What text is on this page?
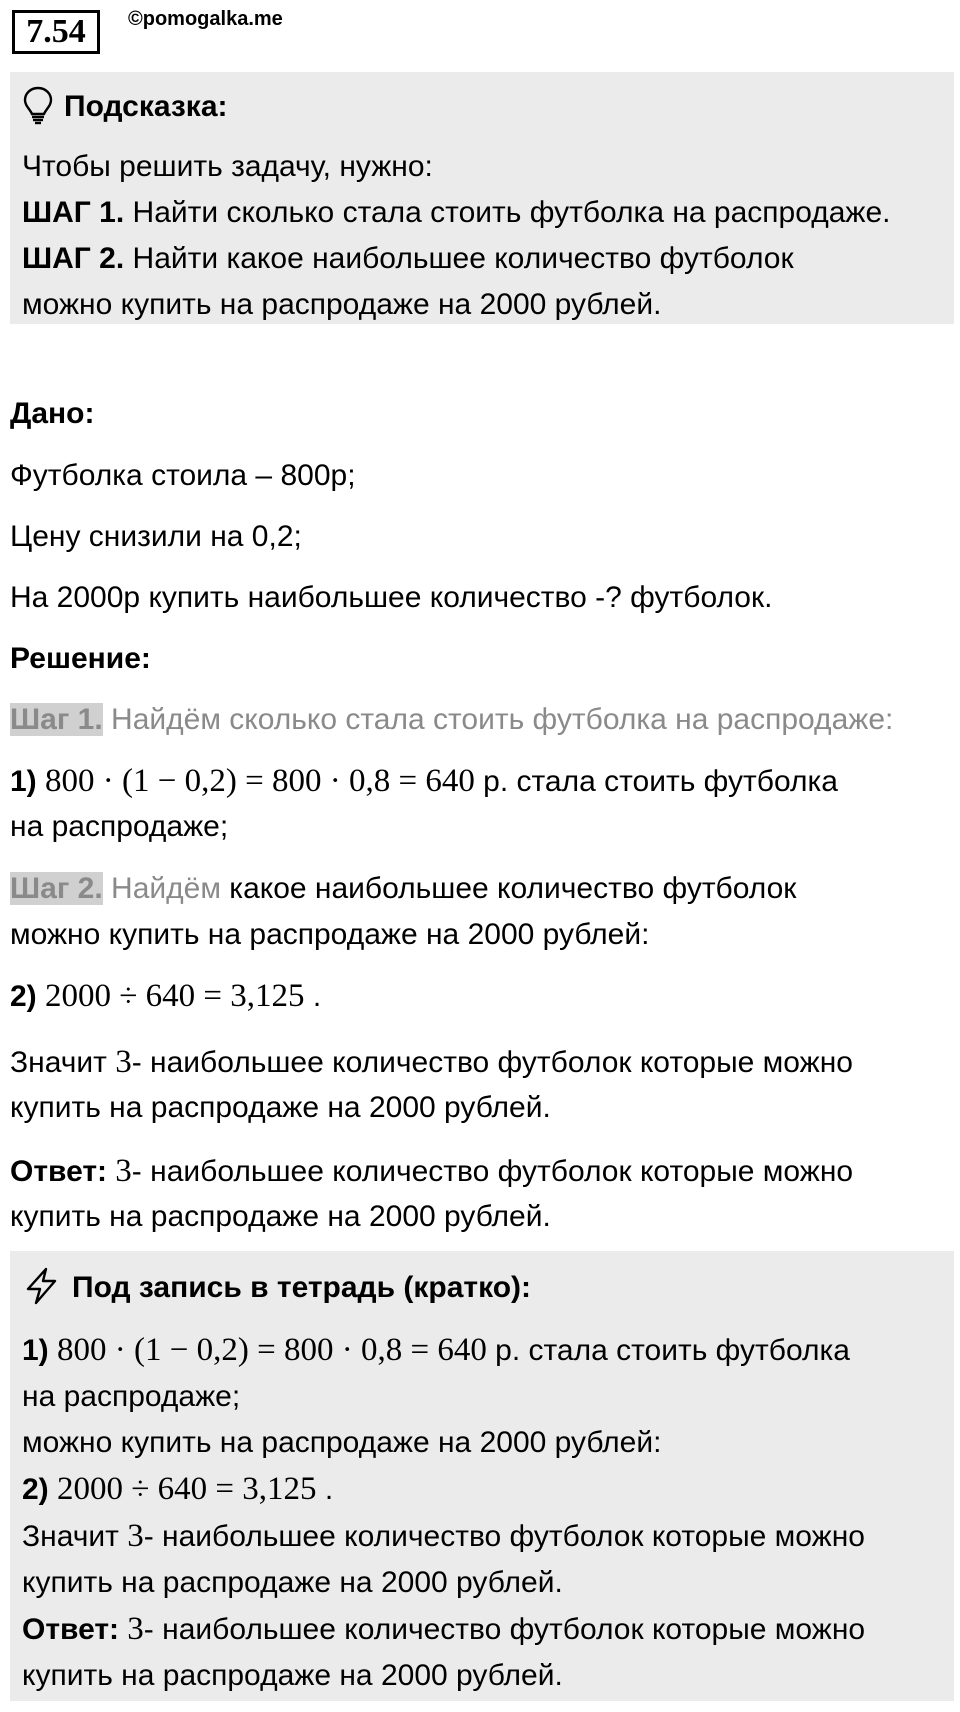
7.54	©pomogalka.me
Подсказка:
Чтобы решить задачу, нужно:
ШАГ 1. Найти сколько стала стоить футболка на распродаже.
ШАГ 2. Найти какое наибольшее количество футболок
можно купить на распродаже на 2000 рублей.
Дано:
Футболка стоила – 800р;
Цену снизили на 0,2;
На 2000р купить наибольшее количество -? футболок.
Решение:
Шаг 1. Найдём сколько стала стоить футболка на распродаже:
1) 800 · (1 − 0,2) = 800 · 0,8 = 640 р. стала стоить футболка
на распродаже;
Шаг 2. Найдём какое наибольшее количество футболок
можно купить на распродаже на 2000 рублей:
2) 2000 ÷ 640 = 3,125 .
Значит 3- наибольшее количество футболок которые можно
купить на распродаже на 2000 рублей.
Ответ: 3- наибольшее количество футболок которые можно
купить на распродаже на 2000 рублей.
Под запись в тетрадь (кратко):
1) 800 · (1 − 0,2) = 800 · 0,8 = 640 р. стала стоить футболка
на распродаже;
можно купить на распродаже на 2000 рублей:
2) 2000 ÷ 640 = 3,125 .
Значит 3- наибольшее количество футболок которые можно
купить на распродаже на 2000 рублей.
Ответ: 3- наибольшее количество футболок которые можно
купить на распродаже на 2000 рублей.
